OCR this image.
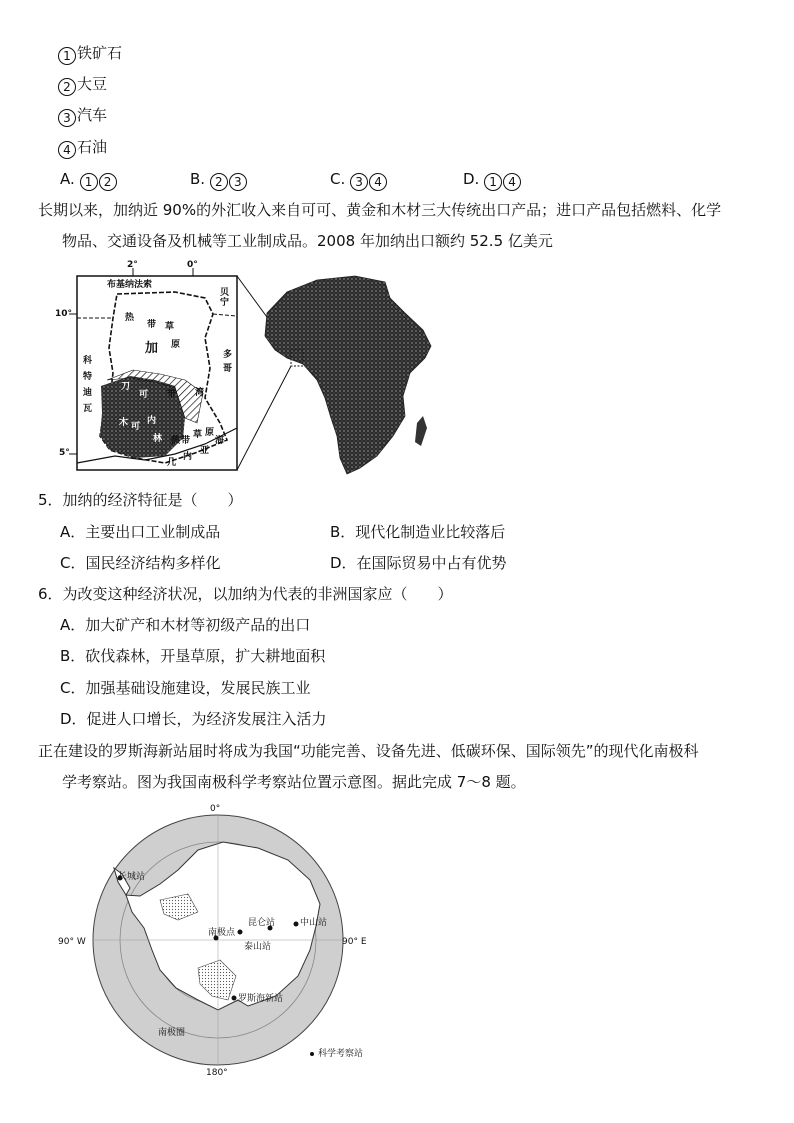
1 铁矿石
2 大豆
3 汽车
4 石油
A. 1 2	B. 2 3	C. 3 4	D. 1 4
长期以来，加纳近 90%的外汇收入来自可可、黄金和木材三大传统出口产品；进口产品包括燃料、化学
物品、交通设备及机械等工业制成品。2008 年加纳出口额约 52.5 亿美元
2°	0°
10°
5°
布基纳法索
贝宁
多
哥
科
特
迪
瓦
加
几
内
亚
海
湾
热
带 草
原
热 带
草 原
刀
可 带
木 可
内
林
5．加纳的经济特征是（　　）
A．主要出口工业制成品	B．现代化制造业比较落后
C．国民经济结构多样化	D．在国际贸易中占有优势
6．为改变这种经济状况，以加纳为代表的非洲国家应（　　）
A．加大矿产和木材等初级产品的出口
B．砍伐森林，开垦草原，扩大耕地面积
C．加强基础设施建设，发展民族工业
D．促进人口增长，为经济发展注入活力
正在建设的罗斯海新站届时将成为我国“功能完善、设备先进、低碳环保、国际领先”的现代化南极科
学考察站。图为我国南极科学考察站位置示意图。据此完成 7～8 题。
0°
180°
90° W	90° E
长城站
中山站
昆仑站
泰山站
罗斯海新站
南极点
南极圈
科学考察站
